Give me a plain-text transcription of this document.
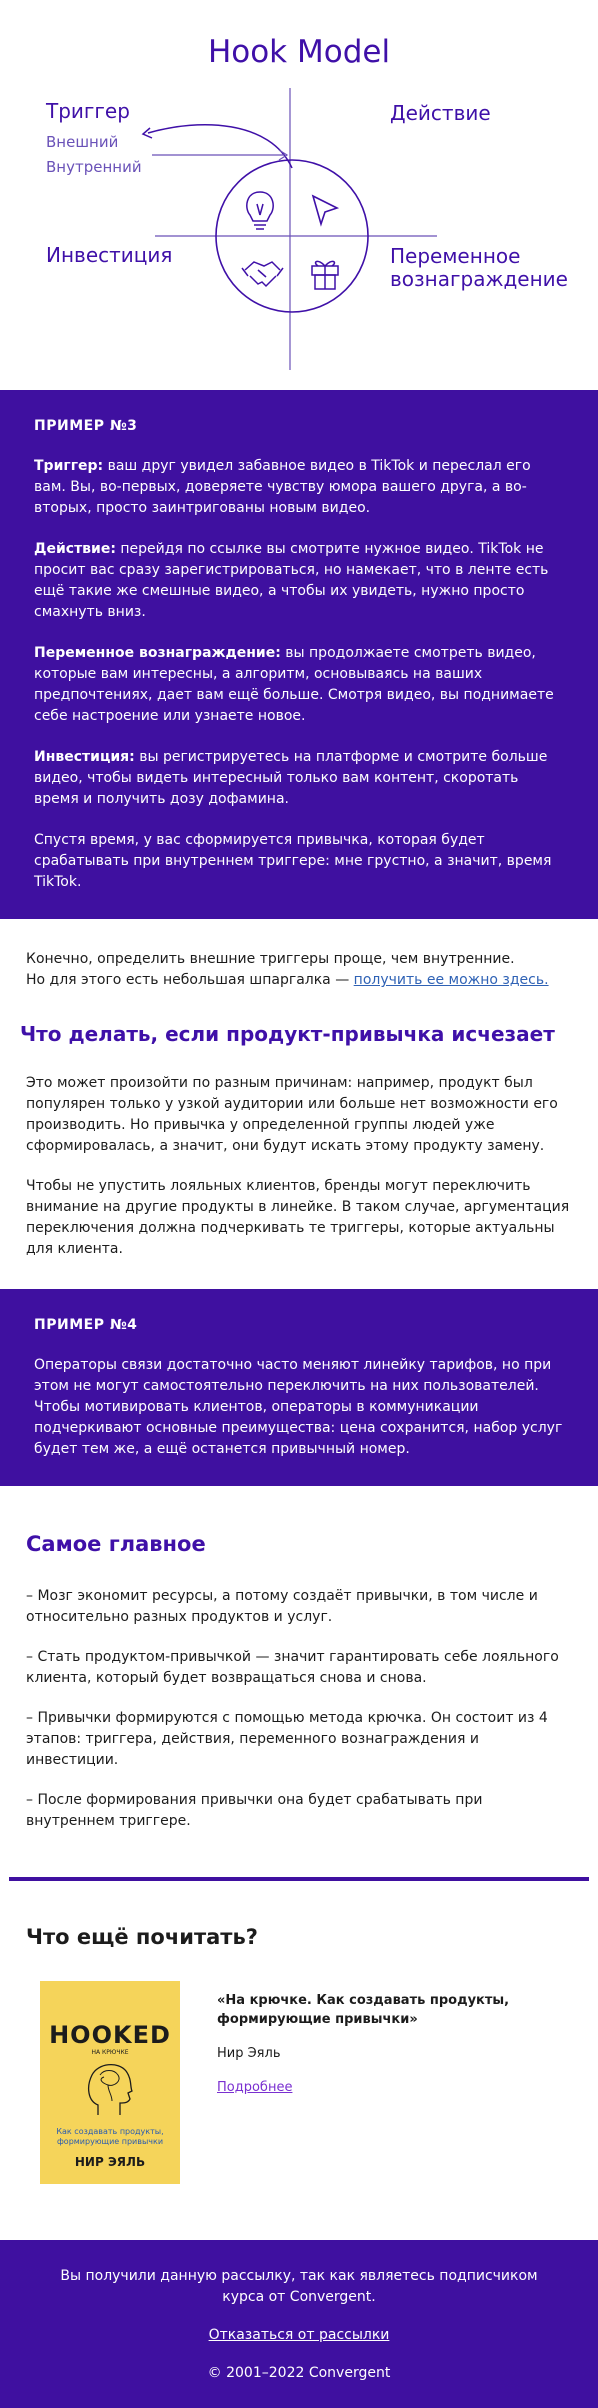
Hook Model
Триггер
Внешний
Внутренний
Действие
Инвестиция	Переменное
вознаграждение
ПРИМЕР №3

Триггер: ваш друг увидел забавное видео в TikTok и переслал его вам. Вы, во-первых, доверяете чувству юмора вашего друга, а во-вторых, просто заинтригованы новым видео.

Действие: перейдя по ссылке вы смотрите нужное видео. TikTok не просит вас сразу зарегистрироваться, но намекает, что в ленте есть ещё такие же смешные видео, а чтобы их увидеть, нужно просто смахнуть вниз.

Переменное вознаграждение: вы продолжаете смотреть видео, которые вам интересны, а алгоритм, основываясь на ваших предпочтениях, дает вам ещё больше. Смотря видео, вы поднимаете себе настроение или узнаете новое.

Инвестиция: вы регистрируетесь на платформе и смотрите больше видео, чтобы видеть интересный только вам контент, скоротать время и получить дозу дофамина.

Спустя время, у вас сформируется привычка, которая будет срабатывать при внутреннем триггере: мне грустно, а значит, время TikTok.

Конечно, определить внешние триггеры проще, чем внутренние.

Но для этого есть небольшая шпаргалка — получить ее можно здесь.

Что делать, если продукт-привычка исчезает

Это может произойти по разным причинам: например, продукт был популярен только у узкой аудитории или больше нет возможности его производить. Но привычка у определенной группы людей уже сформировалась, а значит, они будут искать этому продукту замену.

Чтобы не упустить лояльных клиентов, бренды могут переключить внимание на другие продукты в линейке. В таком случае, аргументация переключения должна подчеркивать те триггеры, которые актуальны для клиента.

ПРИМЕР №4

Операторы связи достаточно часто меняют линейку тарифов, но при этом не могут самостоятельно переключить на них пользователей. Чтобы мотивировать клиентов, операторы в коммуникации подчеркивают основные преимущества: цена сохранится, набор услуг будет тем же, а ещё останется привычный номер.

Самое главное

– Мозг экономит ресурсы, а потому создаёт привычки, в том числе и относительно разных продуктов и услуг.

– Стать продуктом-привычкой — значит гарантировать себе лояльного клиента, который будет возвращаться снова и снова.

– Привычки формируются с помощью метода крючка. Он состоит из 4 этапов: триггера, действия, переменного вознаграждения и инвестиции.

– После формирования привычки она будет срабатывать при внутреннем триггере.

Что ещё почитать?
HOOKED
НА КРЮЧКЕ
Как создавать продукты, формирующие привычки
НИР ЭЯЛЬ
«На крючке. Как создавать продукты, формирующие привычки»
Нир Эяль
Подробнее

Вы получили данную рассылку, так как являетесь подписчиком курса от Convergent.

Отказаться от рассылки

© 2001–2022 Convergent
